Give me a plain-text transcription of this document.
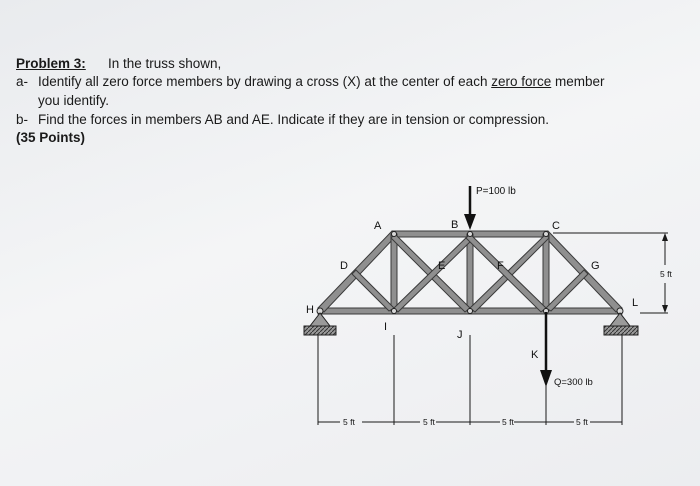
Problem 3: In the truss shown,
a- Identify all zero force members by drawing a cross (X) at the center of each zero force member
you identify.
b- Find the forces in members AB and AE. Indicate if they are in tension or compression.
(35 Points)
A	B	C
D	E	F	G
H
I
J
K
L
P=100 lb
Q=300 lb
5 ft
5 ft	5 ft	5 ft	5 ft
